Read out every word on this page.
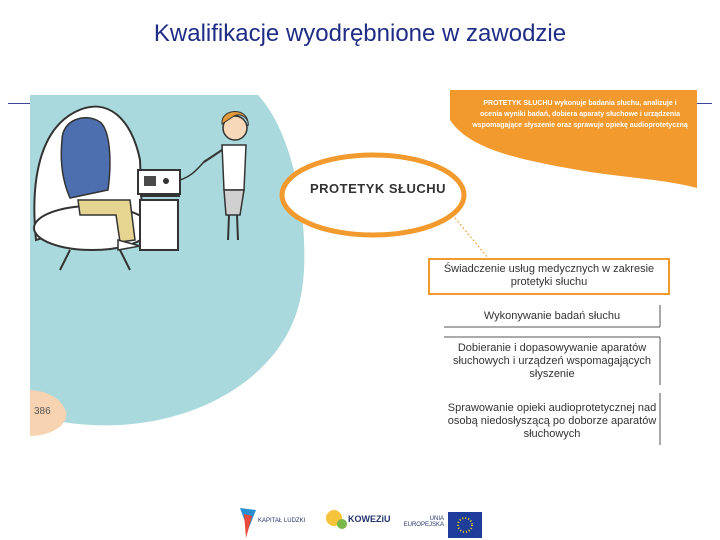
Kwalifikacje wyodrębnione w zawodzie
PROTETYK SŁUCHU wykonuje badania słuchu, analizuje i ocenia wyniki badań, dobiera aparaty słuchowe i urządzenia wspomagające słyszenie oraz sprawuje opiekę audioprotetyczną
PROTETYK SŁUCHU
Świadczenie usług medycznych w zakresie protetyki słuchu
Wykonywanie badań słuchu
Dobieranie i dopasowywanie aparatów słuchowych i urządzeń wspomagających słyszenie
Sprawowanie opieki audioprotetycznej nad osobą niedosłyszącą po doborze aparatów słuchowych
386
KAPITAŁ LUDZKI	KOWEZiU	UNIA EUROPEJSKA
